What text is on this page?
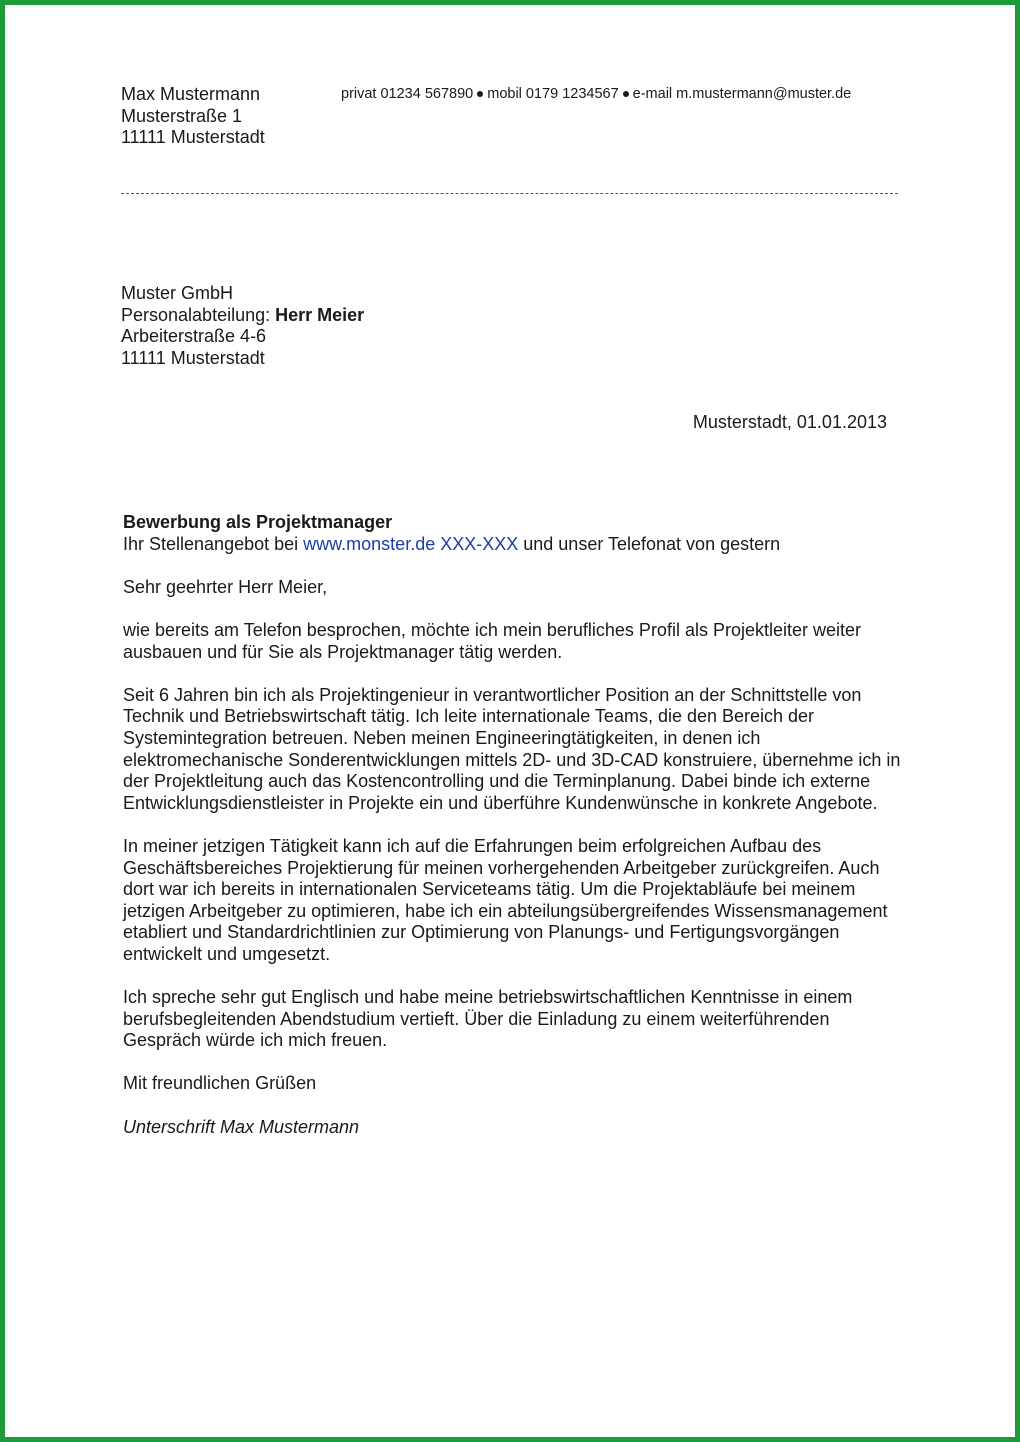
Max Mustermann
Musterstraße 1
11111 Musterstadt
privat 01234 567890 mobil 0179 1234567 e-mail m.mustermann@muster.de
Muster GmbH
Personalabteilung: Herr Meier
Arbeiterstraße 4-6
11111 Musterstadt
Musterstadt, 01.01.2013

Bewerbung als Projektmanager
Ihr Stellenangebot bei www.monster.de XXX-XXX und unser Telefonat von gestern

Sehr geehrter Herr Meier,

wie bereits am Telefon besprochen, möchte ich mein berufliches Profil als Projektleiter weiter ausbauen und für Sie als Projektmanager tätig werden.

Seit 6 Jahren bin ich als Projektingenieur in verantwortlicher Position an der Schnittstelle von Technik und Betriebswirtschaft tätig. Ich leite internationale Teams, die den Bereich der Systemintegration betreuen. Neben meinen Engineeringtätigkeiten, in denen ich elektromechanische Sonderentwicklungen mittels 2D- und 3D-CAD konstruiere, übernehme ich in der Projektleitung auch das Kostencontrolling und die Terminplanung. Dabei binde ich externe Entwicklungsdienstleister in Projekte ein und überführe Kundenwünsche in konkrete Angebote.

In meiner jetzigen Tätigkeit kann ich auf die Erfahrungen beim erfolgreichen Aufbau des Geschäftsbereiches Projektierung für meinen vorhergehenden Arbeitgeber zurückgreifen. Auch dort war ich bereits in internationalen Serviceteams tätig. Um die Projektabläufe bei meinem jetzigen Arbeitgeber zu optimieren, habe ich ein abteilungsübergreifendes Wissensmanagement etabliert und Standardrichtlinien zur Optimierung von Planungs- und Fertigungsvorgängen entwickelt und umgesetzt.

Ich spreche sehr gut Englisch und habe meine betriebswirtschaftlichen Kenntnisse in einem berufsbegleitenden Abendstudium vertieft. Über die Einladung zu einem weiterführenden Gespräch würde ich mich freuen.

Mit freundlichen Grüßen

Unterschrift Max Mustermann
